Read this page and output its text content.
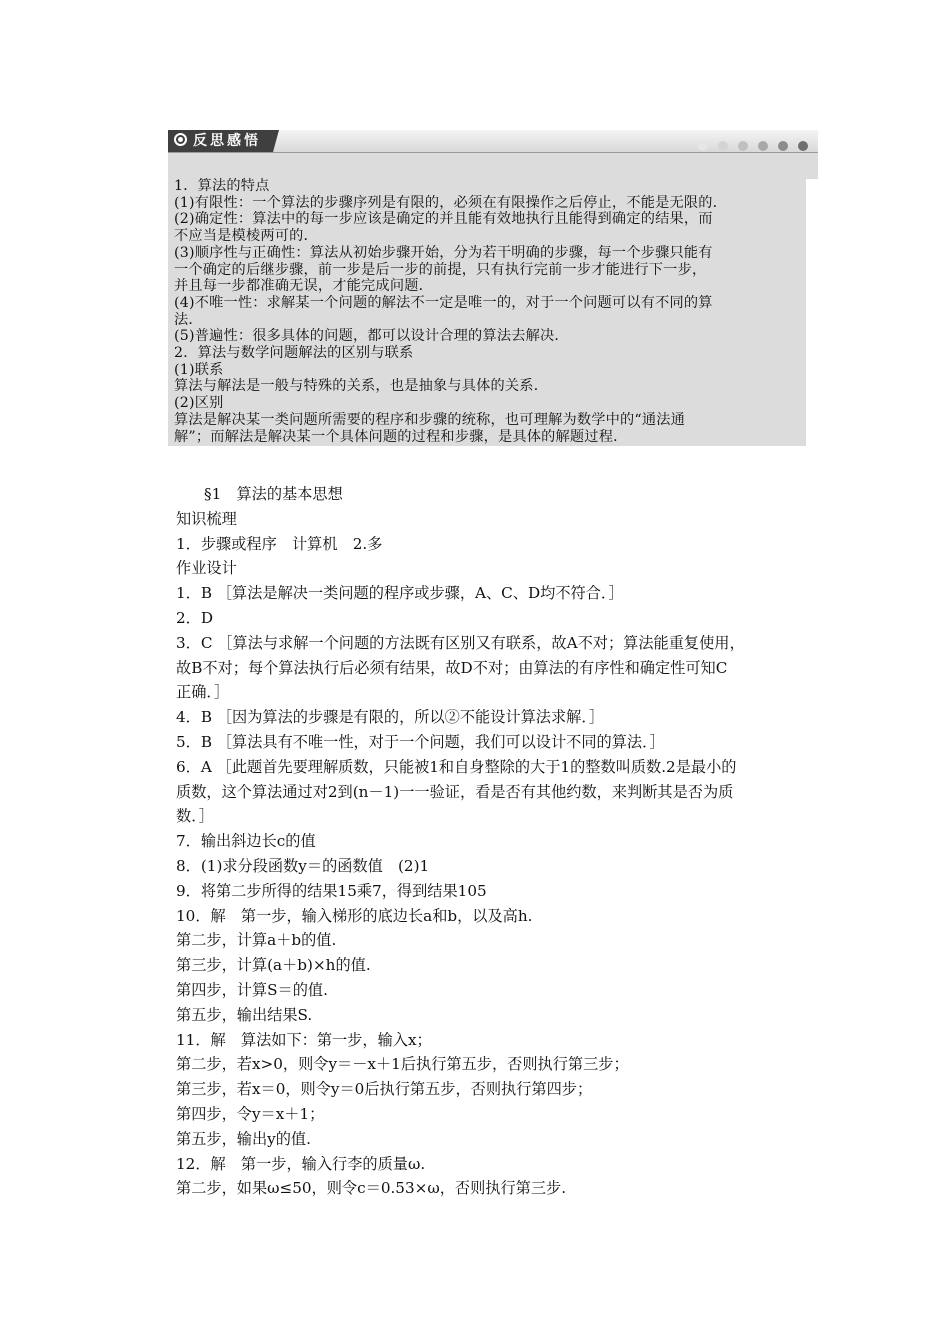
反思感悟
1．算法的特点
(1)有限性：一个算法的步骤序列是有限的，必须在有限操作之后停止，不能是无限的．
(2)确定性：算法中的每一步应该是确定的并且能有效地执行且能得到确定的结果，而
不应当是模棱两可的．
(3)顺序性与正确性：算法从初始步骤开始，分为若干明确的步骤，每一个步骤只能有
一个确定的后继步骤，前一步是后一步的前提，只有执行完前一步才能进行下一步，
并且每一步都准确无误，才能完成问题．
(4)不唯一性：求解某一个问题的解法不一定是唯一的，对于一个问题可以有不同的算
法．
(5)普遍性：很多具体的问题，都可以设计合理的算法去解决．
2．算法与数学问题解法的区别与联系
(1)联系
算法与解法是一般与特殊的关系，也是抽象与具体的关系．
(2)区别
算法是解决某一类问题所需要的程序和步骤的统称，也可理解为数学中的“通法通
解”；而解法是解决某一个具体问题的过程和步骤，是具体的解题过程．
§1　算法的基本思想
知识梳理
1．步骤或程序　计算机　2.多
作业设计
1．B ［算法是解决一类问题的程序或步骤，A、C、D均不符合．］
2．D
3．C ［算法与求解一个问题的方法既有区别又有联系，故A不对；算法能重复使用，
故B不对；每个算法执行后必须有结果，故D不对；由算法的有序性和确定性可知C
正确．］
4．B ［因为算法的步骤是有限的，所以②不能设计算法求解．］
5．B ［算法具有不唯一性，对于一个问题，我们可以设计不同的算法．］
6．A ［此题首先要理解质数，只能被1和自身整除的大于1的整数叫质数.2是最小的
质数，这个算法通过对2到(n－1)一一验证，看是否有其他约数，来判断其是否为质
数．］
7．输出斜边长c的值
8．(1)求分段函数y＝的函数值　(2)1
9．将第二步所得的结果15乘7，得到结果105
10．解　第一步，输入梯形的底边长a和b，以及高h.
第二步，计算a＋b的值.
第三步，计算(a＋b)×h的值.
第四步，计算S＝的值.
第五步，输出结果S.
11．解　算法如下：第一步，输入x；
第二步，若x>0，则令y＝－x＋1后执行第五步，否则执行第三步；
第三步，若x＝0，则令y＝0后执行第五步，否则执行第四步；
第四步，令y＝x＋1；
第五步，输出y的值.
12．解　第一步，输入行李的质量ω.
第二步，如果ω≤50，则令c＝0.53×ω，否则执行第三步.
